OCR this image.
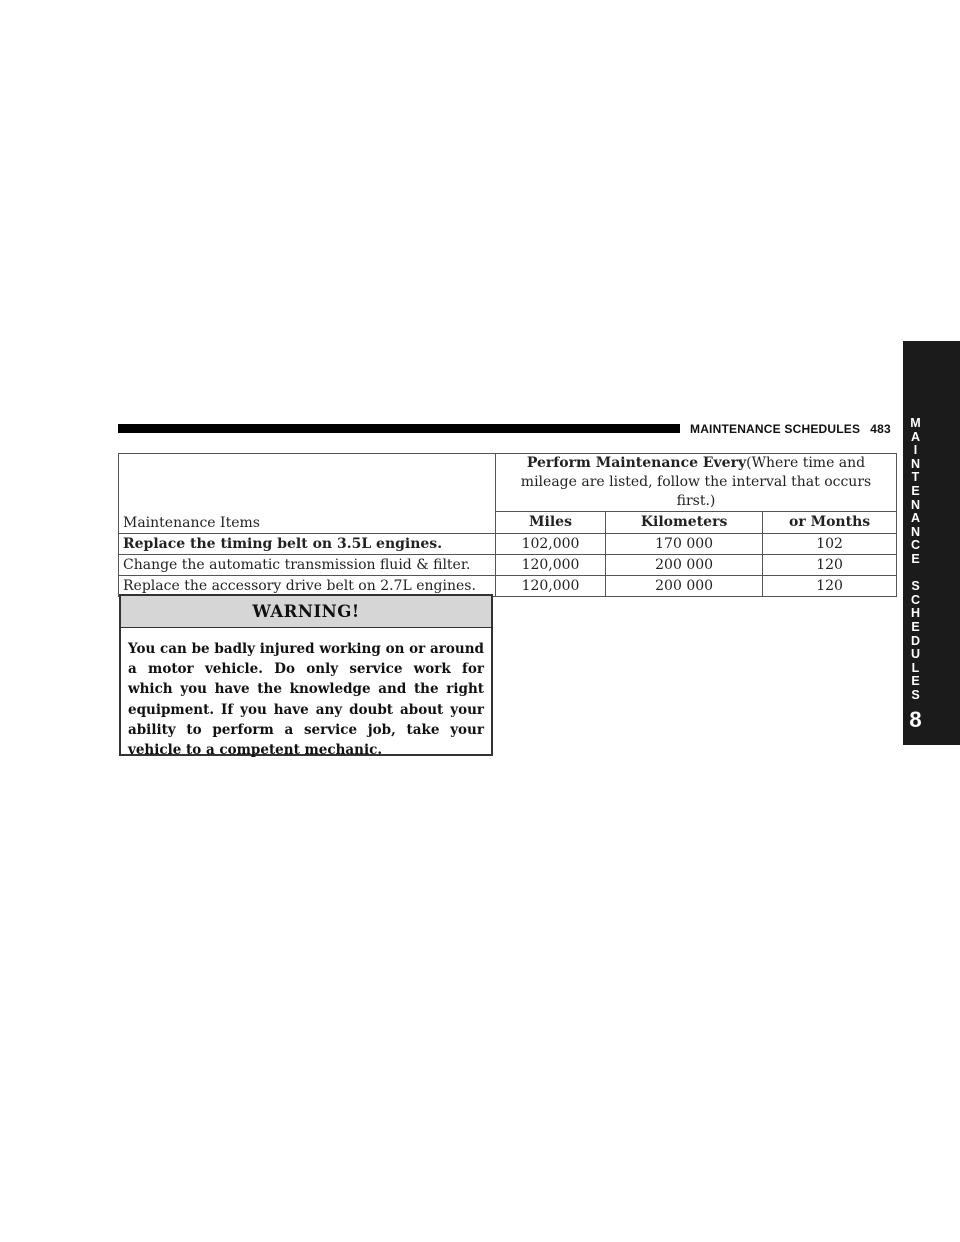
MAINTENANCE SCHEDULES 483	M
A
I
N
T
E
N
A
N
C
E
S
C
H
E
D
U
L
E
S
8
Maintenance Items	Perform Maintenance Every(Where time and mileage are listed, follow the interval that occurs first.)		
	Miles	Kilometers	or Months
Replace the timing belt on 3.5L engines.	102,000	170 000	102
Change the automatic transmission fluid & filter.	120,000	200 000	120
Replace the accessory drive belt on 2.7L engines.	120,000	200 000	120
WARNING!
You can be badly injured working on or around a motor vehicle. Do only service work for which you have the knowledge and the right equipment. If you have any doubt about your ability to perform a service job, take your vehicle to a competent mechanic.
